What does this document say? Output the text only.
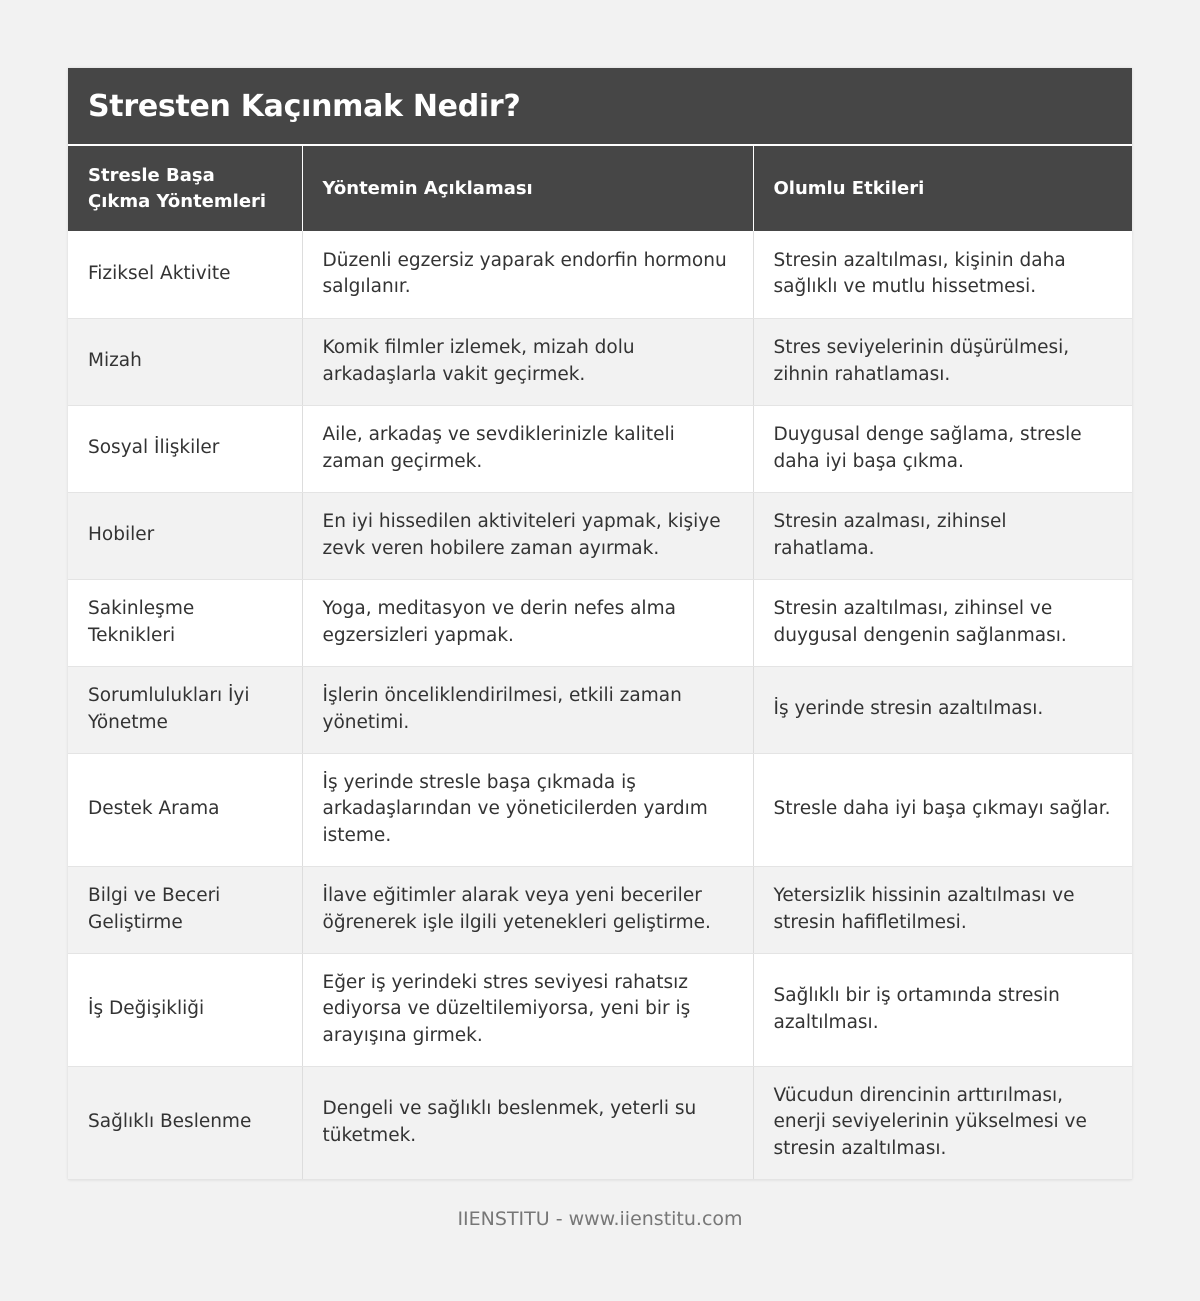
Stresten Kaçınmak Nedir?
Stresle Başa Çıkma Yöntemleri	Yöntemin Açıklaması	Olumlu Etkileri
Fiziksel Aktivite	Düzenli egzersiz yaparak endorfin hormonu salgılanır.	Stresin azaltılması, kişinin daha sağlıklı ve mutlu hissetmesi.
Mizah	Komik filmler izlemek, mizah dolu arkadaşlarla vakit geçirmek.	Stres seviyelerinin düşürülmesi, zihnin rahatlaması.
Sosyal İlişkiler	Aile, arkadaş ve sevdiklerinizle kaliteli zaman geçirmek.	Duygusal denge sağlama, stresle daha iyi başa çıkma.
Hobiler	En iyi hissedilen aktiviteleri yapmak, kişiye zevk veren hobilere zaman ayırmak.	Stresin azalması, zihinsel rahatlama.
Sakinleşme Teknikleri	Yoga, meditasyon ve derin nefes alma egzersizleri yapmak.	Stresin azaltılması, zihinsel ve duygusal dengenin sağlanması.
Sorumlulukları İyi Yönetme	İşlerin önceliklendirilmesi, etkili zaman yönetimi.	İş yerinde stresin azaltılması.
Destek Arama	İş yerinde stresle başa çıkmada iş arkadaşlarından ve yöneticilerden yardım isteme.	Stresle daha iyi başa çıkmayı sağlar.
Bilgi ve Beceri Geliştirme	İlave eğitimler alarak veya yeni beceriler öğrenerek işle ilgili yetenekleri geliştirme.	Yetersizlik hissinin azaltılması ve stresin hafifletilmesi.
İş Değişikliği	Eğer iş yerindeki stres seviyesi rahatsız ediyorsa ve düzeltilemiyorsa, yeni bir iş arayışına girmek.	Sağlıklı bir iş ortamında stresin azaltılması.
Sağlıklı Beslenme	Dengeli ve sağlıklı beslenmek, yeterli su tüketmek.	Vücudun direncinin arttırılması, enerji seviyelerinin yükselmesi ve stresin azaltılması.
IIENSTITU - www.iienstitu.com
